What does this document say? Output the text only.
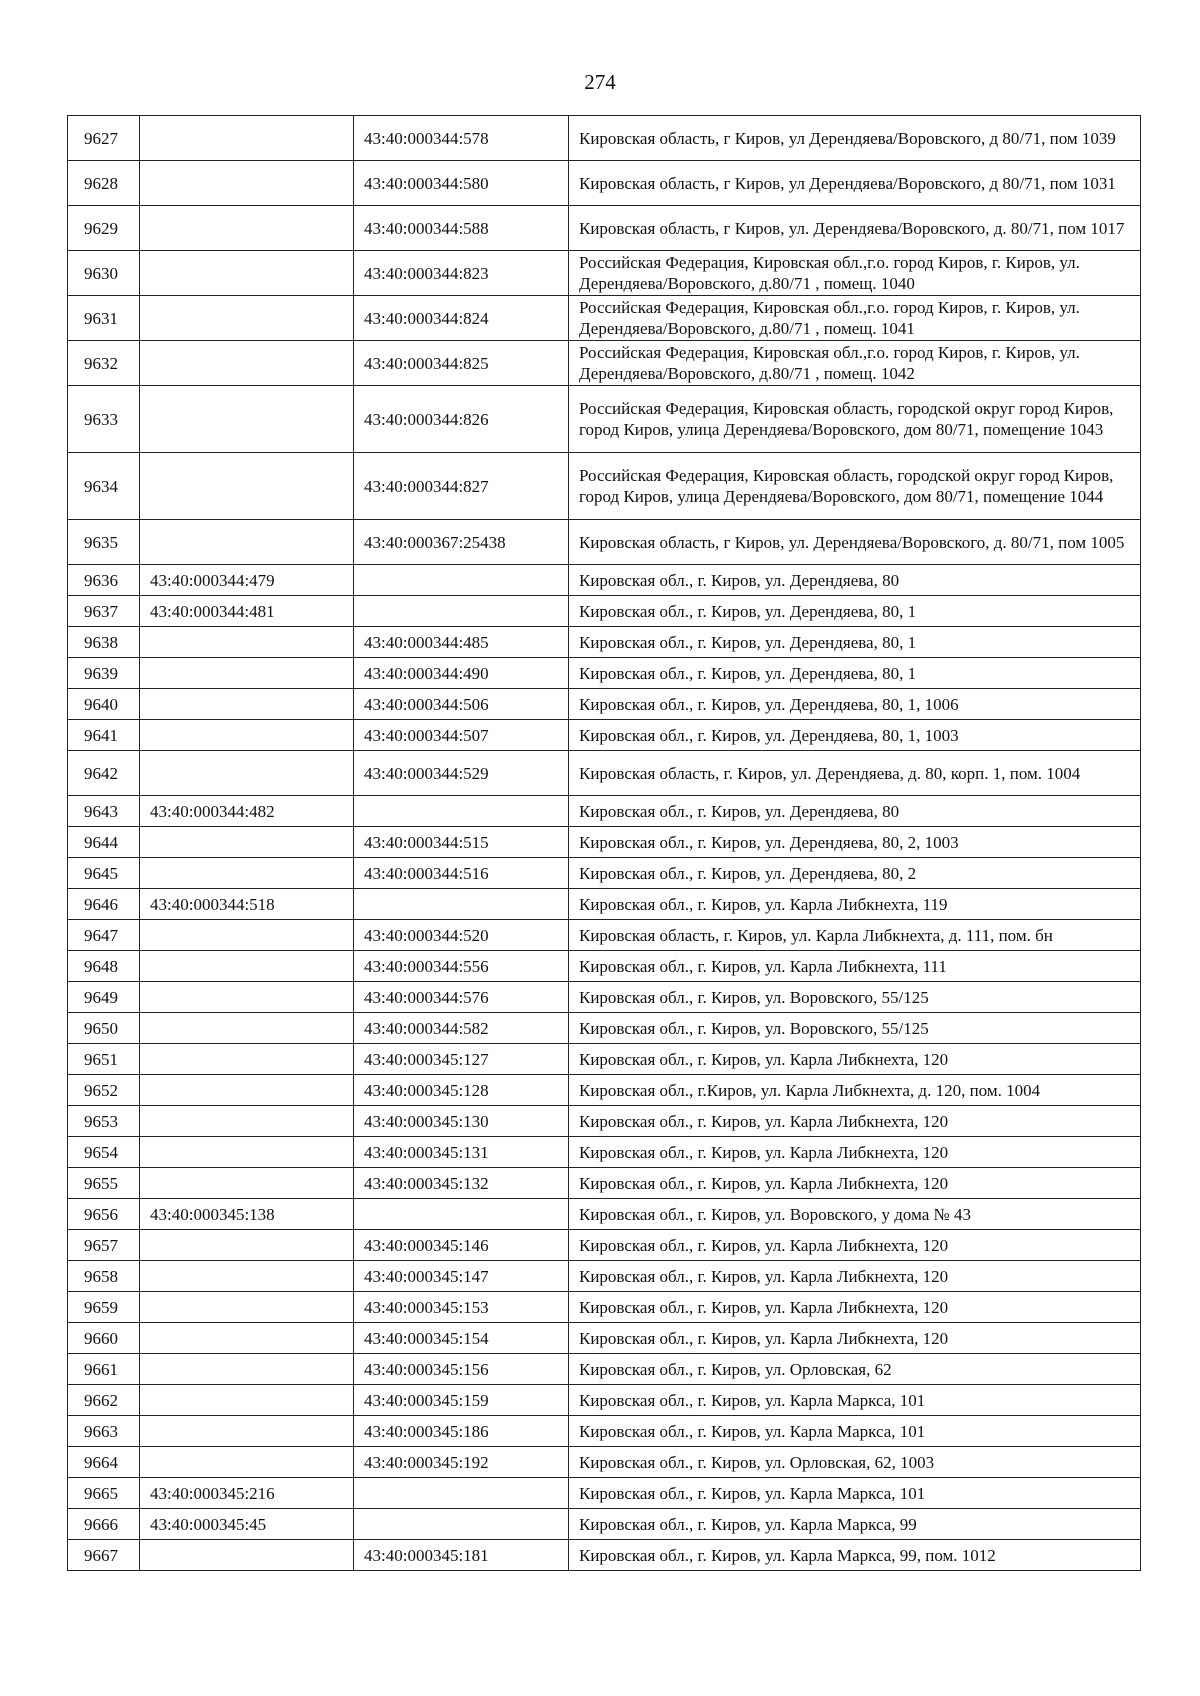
274
9627		43:40:000344:578	Кировская область, г Киров, ул Дерендяева/Воровского, д 80/71, пом 1039
9628		43:40:000344:580	Кировская область, г Киров, ул Дерендяева/Воровского, д 80/71, пом 1031
9629		43:40:000344:588	Кировская область, г Киров, ул. Дерендяева/Воровского, д. 80/71, пом 1017
9630		43:40:000344:823	Российская Федерация, Кировская обл.,г.о. город Киров, г. Киров, ул. Дерендяева/Воровского, д.80/71 , помещ. 1040
9631		43:40:000344:824	Российская Федерация, Кировская обл.,г.о. город Киров, г. Киров, ул. Дерендяева/Воровского, д.80/71 , помещ. 1041
9632		43:40:000344:825	Российская Федерация, Кировская обл.,г.о. город Киров, г. Киров, ул. Дерендяева/Воровского, д.80/71 , помещ. 1042
9633		43:40:000344:826	Российская Федерация, Кировская область, городской округ город Киров, город Киров, улица Дерендяева/Воровского, дом 80/71, помещение 1043
9634		43:40:000344:827	Российская Федерация, Кировская область, городской округ город Киров, город Киров, улица Дерендяева/Воровского, дом 80/71, помещение 1044
9635		43:40:000367:25438	Кировская область, г Киров, ул. Дерендяева/Воровского, д. 80/71, пом 1005
9636	43:40:000344:479		Кировская обл., г. Киров, ул. Дерендяева, 80
9637	43:40:000344:481		Кировская обл., г. Киров, ул. Дерендяева, 80, 1
9638		43:40:000344:485	Кировская обл., г. Киров, ул. Дерендяева, 80, 1
9639		43:40:000344:490	Кировская обл., г. Киров, ул. Дерендяева, 80, 1
9640		43:40:000344:506	Кировская обл., г. Киров, ул. Дерендяева, 80, 1, 1006
9641		43:40:000344:507	Кировская обл., г. Киров, ул. Дерендяева, 80, 1, 1003
9642		43:40:000344:529	Кировская область, г. Киров, ул. Дерендяева, д. 80, корп. 1, пом. 1004
9643	43:40:000344:482		Кировская обл., г. Киров, ул. Дерендяева, 80
9644		43:40:000344:515	Кировская обл., г. Киров, ул. Дерендяева, 80, 2, 1003
9645		43:40:000344:516	Кировская обл., г. Киров, ул. Дерендяева, 80, 2
9646	43:40:000344:518		Кировская обл., г. Киров, ул. Карла Либкнехта, 119
9647		43:40:000344:520	Кировская область, г. Киров, ул. Карла Либкнехта, д. 111, пом. бн
9648		43:40:000344:556	Кировская обл., г. Киров, ул. Карла Либкнехта, 111
9649		43:40:000344:576	Кировская обл., г. Киров, ул. Воровского, 55/125
9650		43:40:000344:582	Кировская обл., г. Киров, ул. Воровского, 55/125
9651		43:40:000345:127	Кировская обл., г. Киров, ул. Карла Либкнехта, 120
9652		43:40:000345:128	Кировская обл., г.Киров, ул. Карла Либкнехта, д. 120, пом. 1004
9653		43:40:000345:130	Кировская обл., г. Киров, ул. Карла Либкнехта, 120
9654		43:40:000345:131	Кировская обл., г. Киров, ул. Карла Либкнехта, 120
9655		43:40:000345:132	Кировская обл., г. Киров, ул. Карла Либкнехта, 120
9656	43:40:000345:138		Кировская обл., г. Киров, ул. Воровского, у дома № 43
9657		43:40:000345:146	Кировская обл., г. Киров, ул. Карла Либкнехта, 120
9658		43:40:000345:147	Кировская обл., г. Киров, ул. Карла Либкнехта, 120
9659		43:40:000345:153	Кировская обл., г. Киров, ул. Карла Либкнехта, 120
9660		43:40:000345:154	Кировская обл., г. Киров, ул. Карла Либкнехта, 120
9661		43:40:000345:156	Кировская обл., г. Киров, ул. Орловская, 62
9662		43:40:000345:159	Кировская обл., г. Киров, ул. Карла Маркса, 101
9663		43:40:000345:186	Кировская обл., г. Киров, ул. Карла Маркса, 101
9664		43:40:000345:192	Кировская обл., г. Киров, ул. Орловская, 62, 1003
9665	43:40:000345:216		Кировская обл., г. Киров, ул. Карла Маркса, 101
9666	43:40:000345:45		Кировская обл., г. Киров, ул. Карла Маркса, 99
9667		43:40:000345:181	Кировская обл., г. Киров, ул. Карла Маркса, 99, пом. 1012
